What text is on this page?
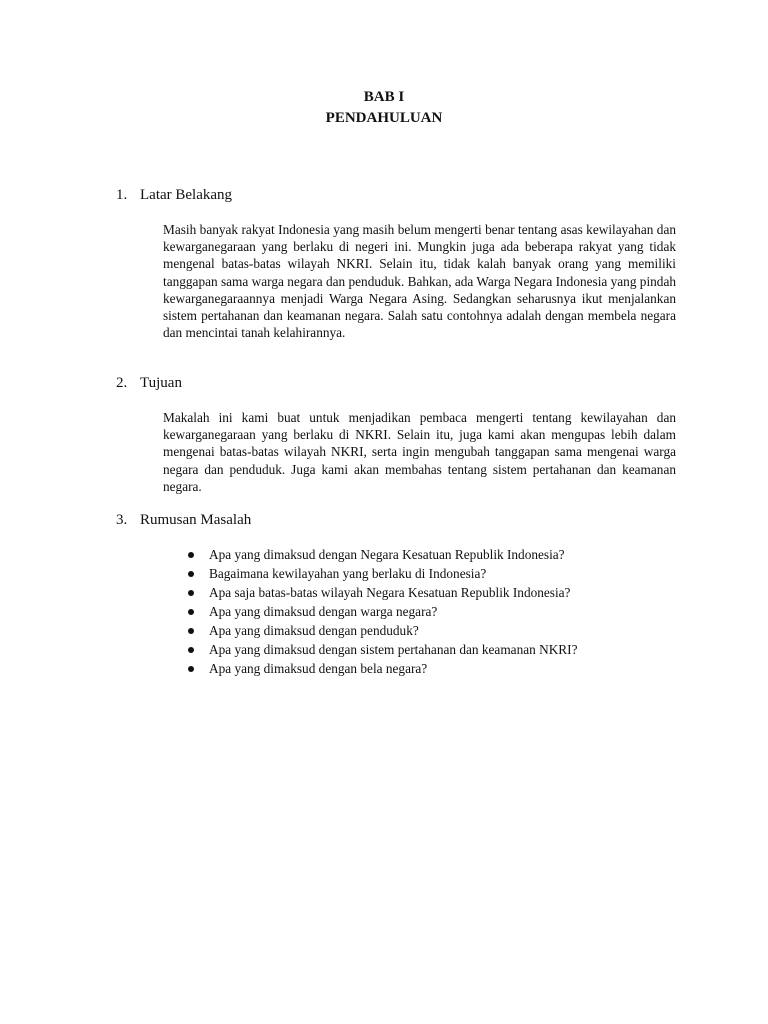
BAB I
PENDAHULUAN
1. Latar Belakang
Masih banyak rakyat Indonesia yang masih belum mengerti benar tentang asas kewilayahan dan kewarganegaraan yang berlaku di negeri ini. Mungkin juga ada beberapa rakyat yang tidak mengenal batas-batas wilayah NKRI. Selain itu, tidak kalah banyak orang yang memiliki tanggapan sama warga negara dan penduduk. Bahkan, ada Warga Negara Indonesia yang pindah kewarganegaraannya menjadi Warga Negara Asing. Sedangkan seharusnya ikut menjalankan sistem pertahanan dan keamanan negara. Salah satu contohnya adalah dengan membela negara dan mencintai tanah kelahirannya.
2. Tujuan
Makalah ini kami buat untuk menjadikan pembaca mengerti tentang kewilayahan dan kewarganegaraan yang berlaku di NKRI. Selain itu, juga kami akan mengupas lebih dalam mengenai batas-batas wilayah NKRI, serta ingin mengubah tanggapan sama mengenai warga negara dan penduduk. Juga kami akan membahas tentang sistem pertahanan dan keamanan negara.
3. Rumusan Masalah
Apa yang dimaksud dengan Negara Kesatuan Republik Indonesia?
Bagaimana kewilayahan yang berlaku di Indonesia?
Apa saja batas-batas wilayah Negara Kesatuan Republik Indonesia?
Apa yang dimaksud dengan warga negara?
Apa yang dimaksud dengan penduduk?
Apa yang dimaksud dengan sistem pertahanan dan keamanan NKRI?
Apa yang dimaksud dengan bela negara?
